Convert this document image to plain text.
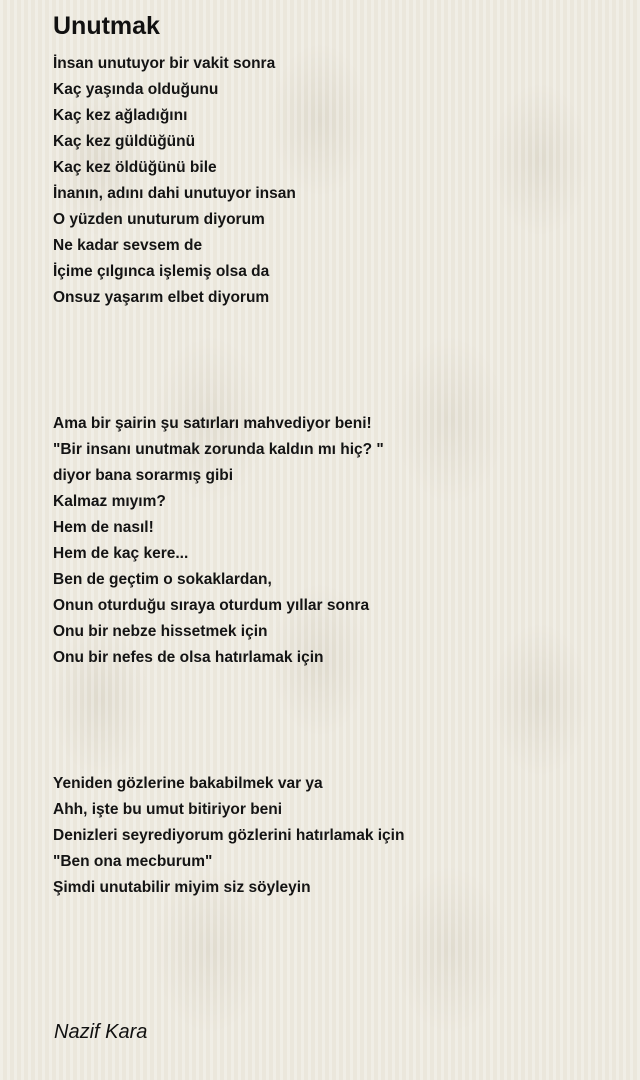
Unutmak
İnsan unutuyor bir vakit sonra
Kaç yaşında olduğunu
Kaç kez ağladığını
Kaç kez güldüğünü
Kaç kez öldüğünü bile
İnanın, adını dahi unutuyor insan
O yüzden unuturum diyorum
Ne kadar sevsem de
İçime çılgınca işlemiş olsa da
Onsuz yaşarım elbet diyorum
Ama bir şairin şu satırları mahvediyor beni!
"Bir insanı unutmak zorunda kaldın mı hiç? "
diyor bana sorarmış gibi
Kalmaz mıyım?
Hem de nasıl!
Hem de kaç kere...
Ben de geçtim o sokaklardan,
Onun oturduğu sıraya oturdum yıllar sonra
Onu bir nebze hissetmek için
Onu bir nefes de olsa hatırlamak için
Yeniden gözlerine bakabilmek var ya
Ahh, işte bu umut bitiriyor beni
Denizleri seyrediyorum gözlerini hatırlamak için
"Ben ona mecburum"
Şimdi unutabilir miyim siz söyleyin

Nazif Kara
